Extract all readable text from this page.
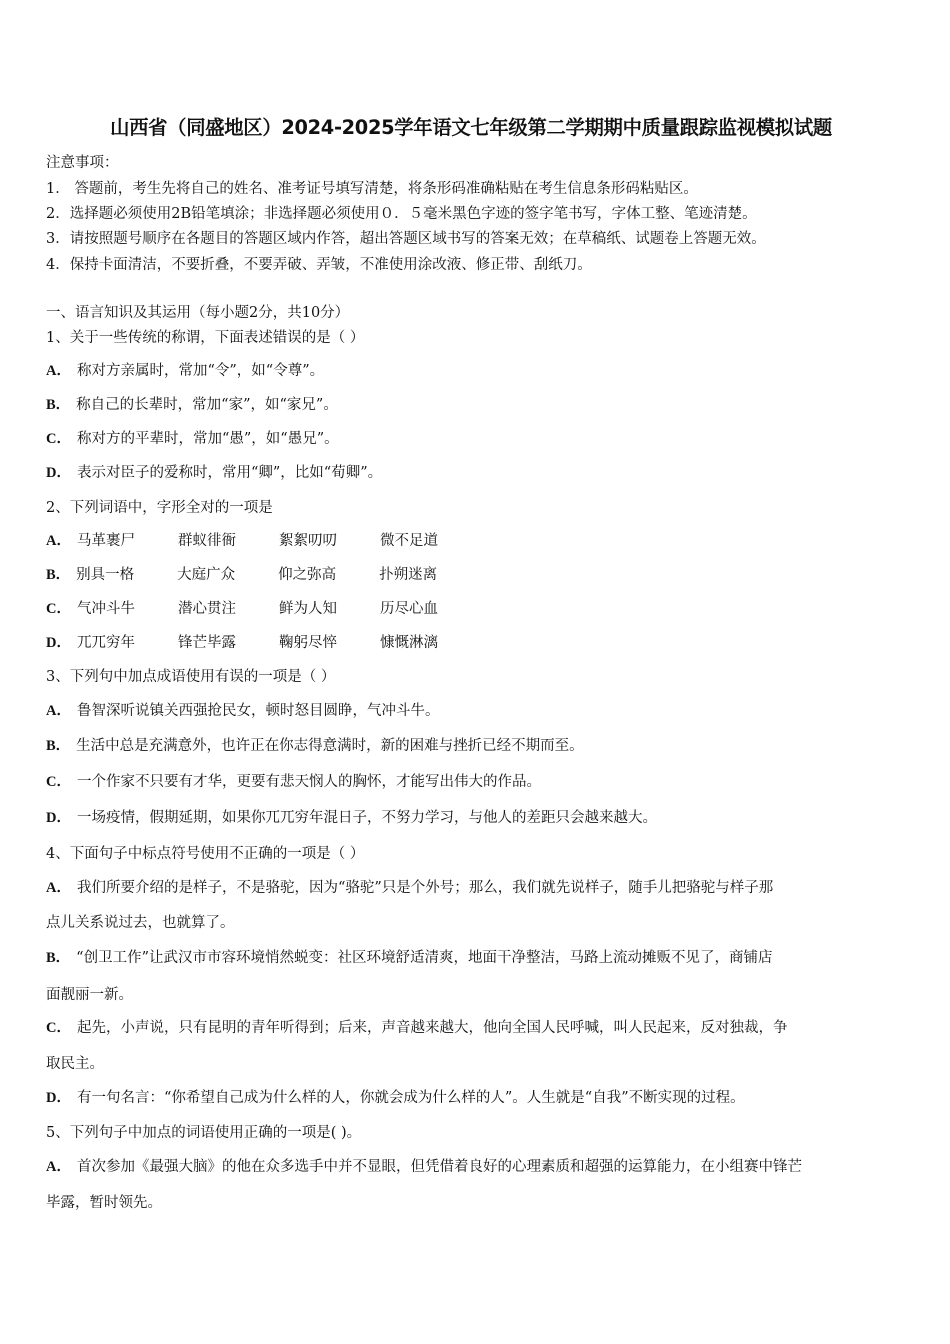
山西省（同盛地区）2024-2025学年语文七年级第二学期期中质量跟踪监视模拟试题
注意事项：
1． 答题前，考生先将自己的姓名、准考证号填写清楚，将条形码准确粘贴在考生信息条形码粘贴区。
2．选择题必须使用2B铅笔填涂；非选择题必须使用０．５毫米黑色字迹的签字笔书写，字体工整、笔迹清楚。
3．请按照题号顺序在各题目的答题区域内作答，超出答题区域书写的答案无效；在草稿纸、试题卷上答题无效。
4．保持卡面清洁，不要折叠，不要弄破、弄皱，不准使用涂改液、修正带、刮纸刀。
一、语言知识及其运用（每小题2分，共10分）
1、关于一些传统的称谓，下面表述错误的是（ ）
A． 称对方亲属时，常加“令”，如“令尊”。
B． 称自己的长辈时，常加“家”，如“家兄”。
C． 称对方的平辈时，常加“愚”，如“愚兄”。
D． 表示对臣子的爱称时，常用“卿”，比如“荀卿”。
2、下列词语中，字形全对的一项是
A． 马革裹尸	群蚁徘衙	絮絮叨叨	微不足道
B． 别具一格	大庭广众	仰之弥高	扑朔迷离
C． 气冲斗牛	潜心贯注	鲜为人知	历尽心血
D． 兀兀穷年	锋芒毕露	鞠躬尽悴	慷慨淋漓
3、下列句中加点成语使用有误的一项是（ ）
A． 鲁智深听说镇关西强抢民女，顿时怒目圆睁，气冲斗牛。
B． 生活中总是充满意外，也许正在你志得意满时，新的困难与挫折已经不期而至。
C． 一个作家不只要有才华，更要有悲天悯人的胸怀，才能写出伟大的作品。
D． 一场疫情，假期延期，如果你兀兀穷年混日子，不努力学习，与他人的差距只会越来越大。
4、下面句子中标点符号使用不正确的一项是（ ）
A． 我们所要介绍的是样子，不是骆驼，因为“骆驼”只是个外号；那么，我们就先说样子，随手儿把骆驼与样子那
点儿关系说过去，也就算了。
B． “创卫工作”让武汉市市容环境悄然蜕变：社区环境舒适清爽，地面干净整洁，马路上流动摊贩不见了，商铺店
面靓丽一新。
C． 起先，小声说，只有昆明的青年听得到；后来，声音越来越大，他向全国人民呼喊，叫人民起来，反对独裁，争
取民主。
D． 有一句名言：“你希望自己成为什么样的人，你就会成为什么样的人”。人生就是“自我”不断实现的过程。
5、下列句子中加点的词语使用正确的一项是( )。
A． 首次参加《最强大脑》的他在众多选手中并不显眼，但凭借着良好的心理素质和超强的运算能力，在小组赛中锋芒
毕露，暂时领先。
